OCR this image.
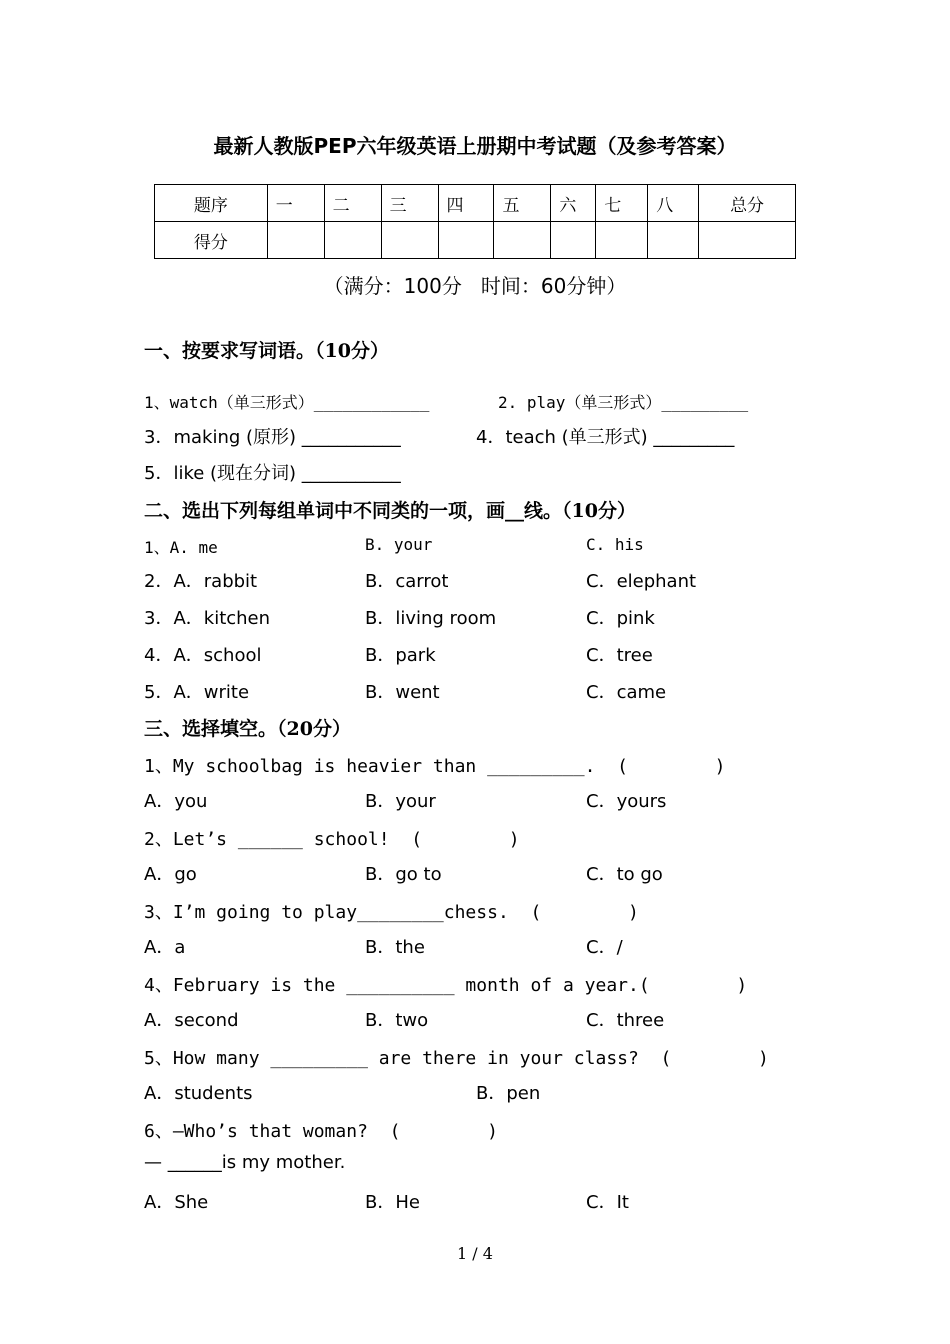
最新人教版PEP六年级英语上册期中考试题（及参考答案）
题序	一	二	三	四	五	六	七	八	总分
得分									
（满分：100分   时间：60分钟）
一、按要求写词语。（10分）
1、watch（单三形式）____________	2. play（单三形式）_________
3．making (原形) ___________	4．teach (单三形式) _________
5．like (现在分词) ___________
二、选出下列每组单词中不同类的一项，画__线。（10分）
1、A. me	B. your	C. his
2．A．rabbit	B．carrot	C．elephant
3．A．kitchen	B．living room	C．pink
4．A．school	B．park	C．tree
5．A．write	B．went	C．came
三、选择填空。（20分）
1、My schoolbag is heavier than _________.  (        )
A．you	B．your	C．yours
2、Let’s ______ school!  (        )
A．go	B．go to	C．to go
3、I’m going to play________chess.  (        )
A．a	B．the	C．/
4、February is the __________ month of a year.(        )
A．second	B．two	C．three
5、How many _________ are there in your class?  (        )
A．students	B．pen
6、—Who’s that woman?  (        )
— ______is my mother.
A．She	B．He	C．It
1 / 4
